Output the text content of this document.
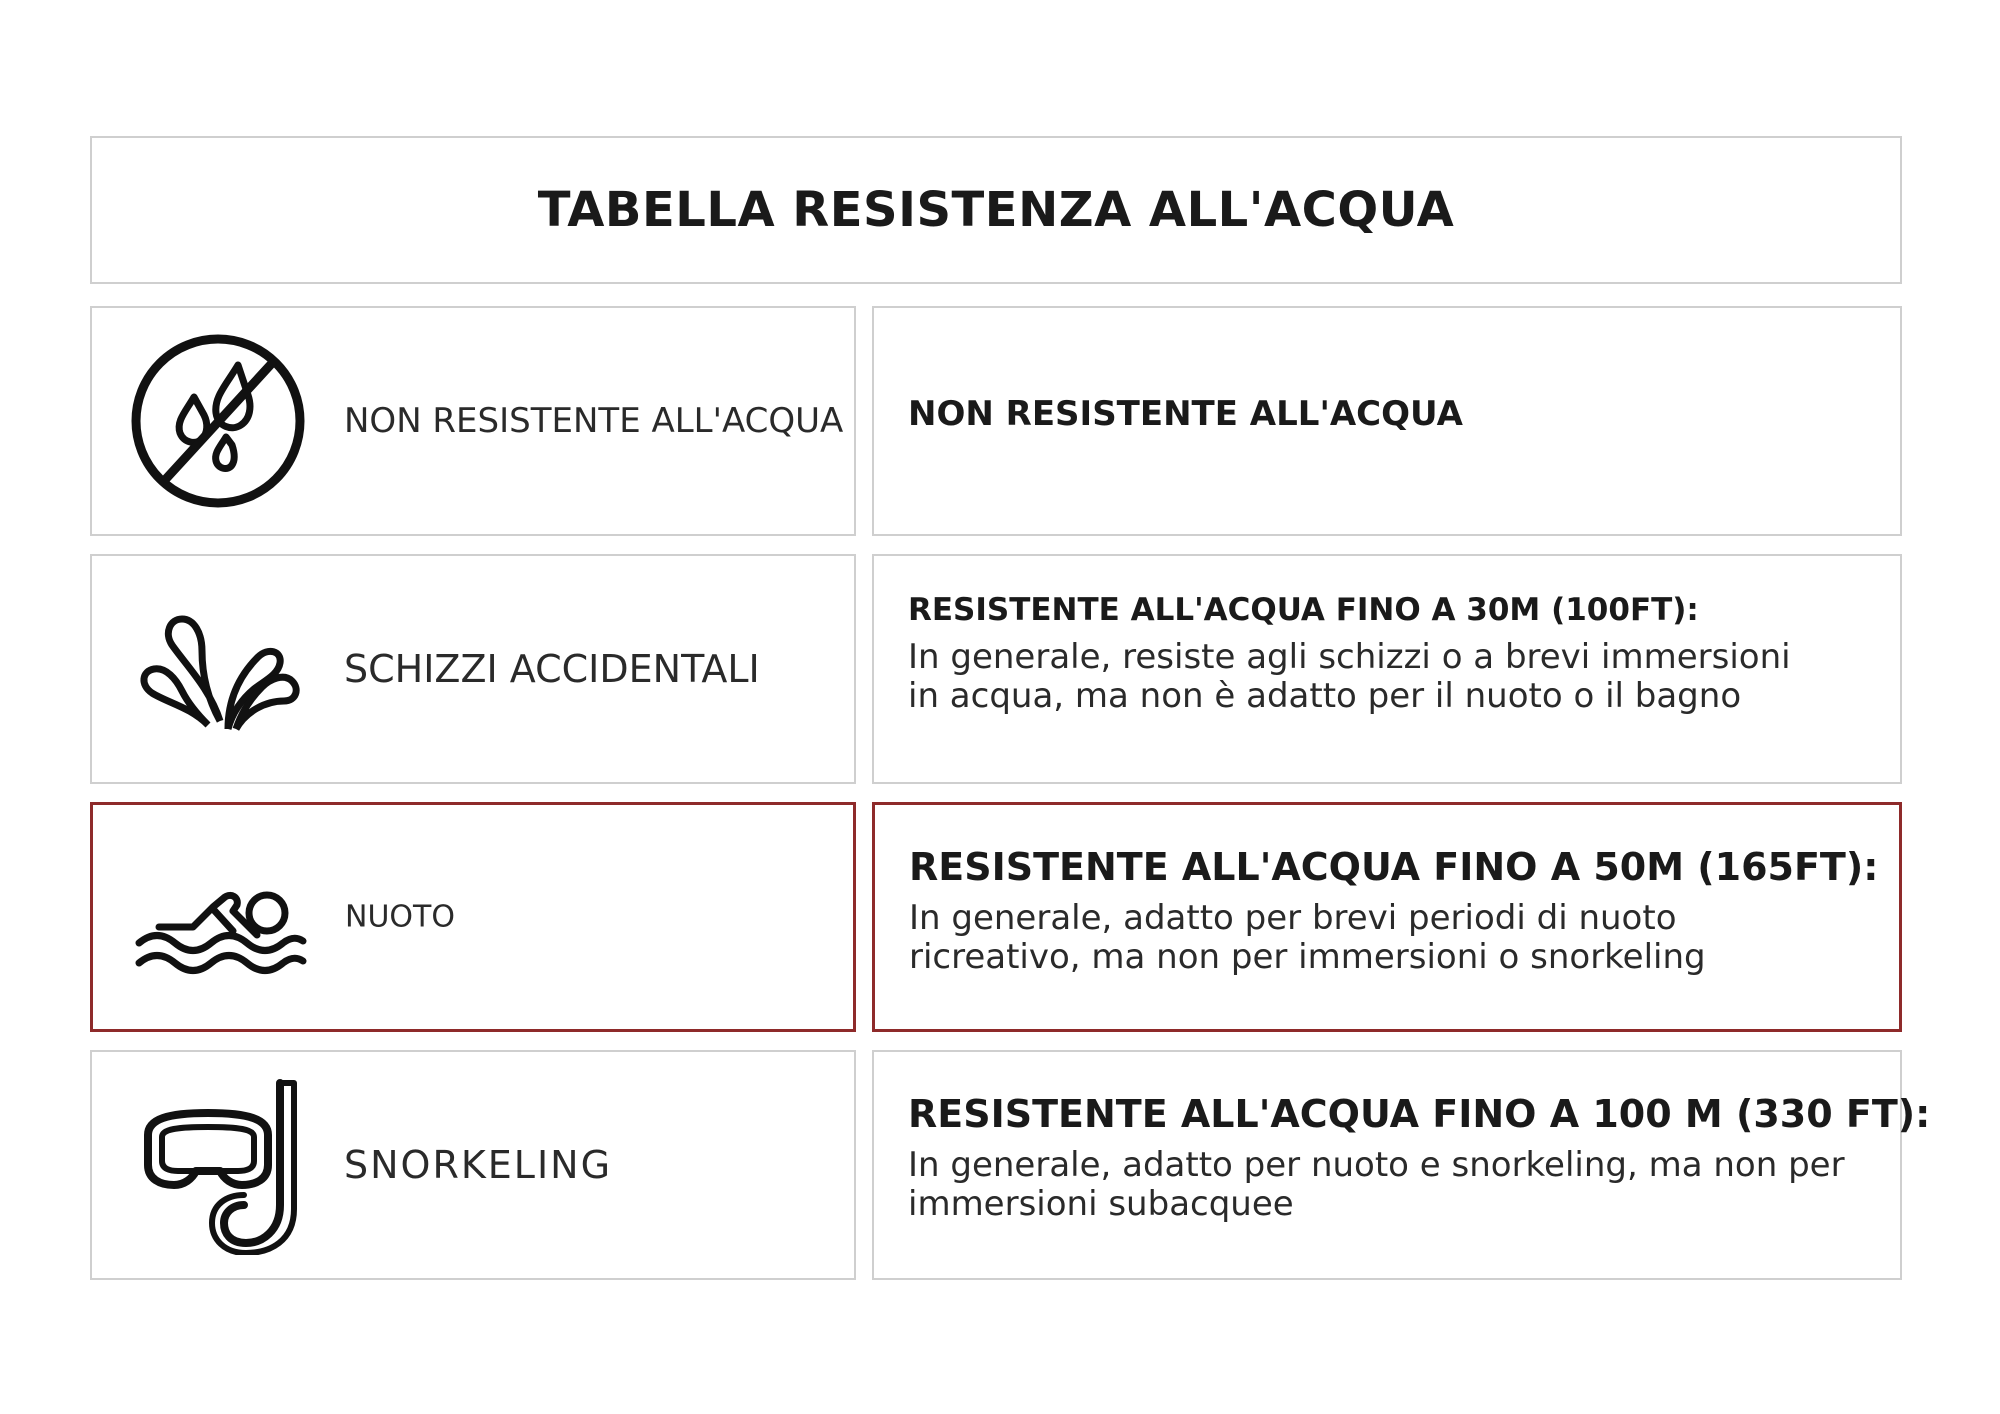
TABELLA RESISTENZA ALL'ACQUA
NON RESISTENTE ALL'ACQUA NON RESISTENTE ALL'ACQUA
SCHIZZI ACCIDENTALI
RESISTENTE ALL'ACQUA FINO A 30M (100FT):
In generale, resiste agli schizzi o a brevi immersioni in acqua, ma non è adatto per il nuoto o il bagno
NUOTO
RESISTENTE ALL'ACQUA FINO A 50M (165FT):
In generale, adatto per brevi periodi di nuoto ricreativo, ma non per immersioni o snorkeling
SNORKELING
RESISTENTE ALL'ACQUA FINO A 100 M (330 FT):
In generale, adatto per nuoto e snorkeling, ma non per immersioni subacquee
